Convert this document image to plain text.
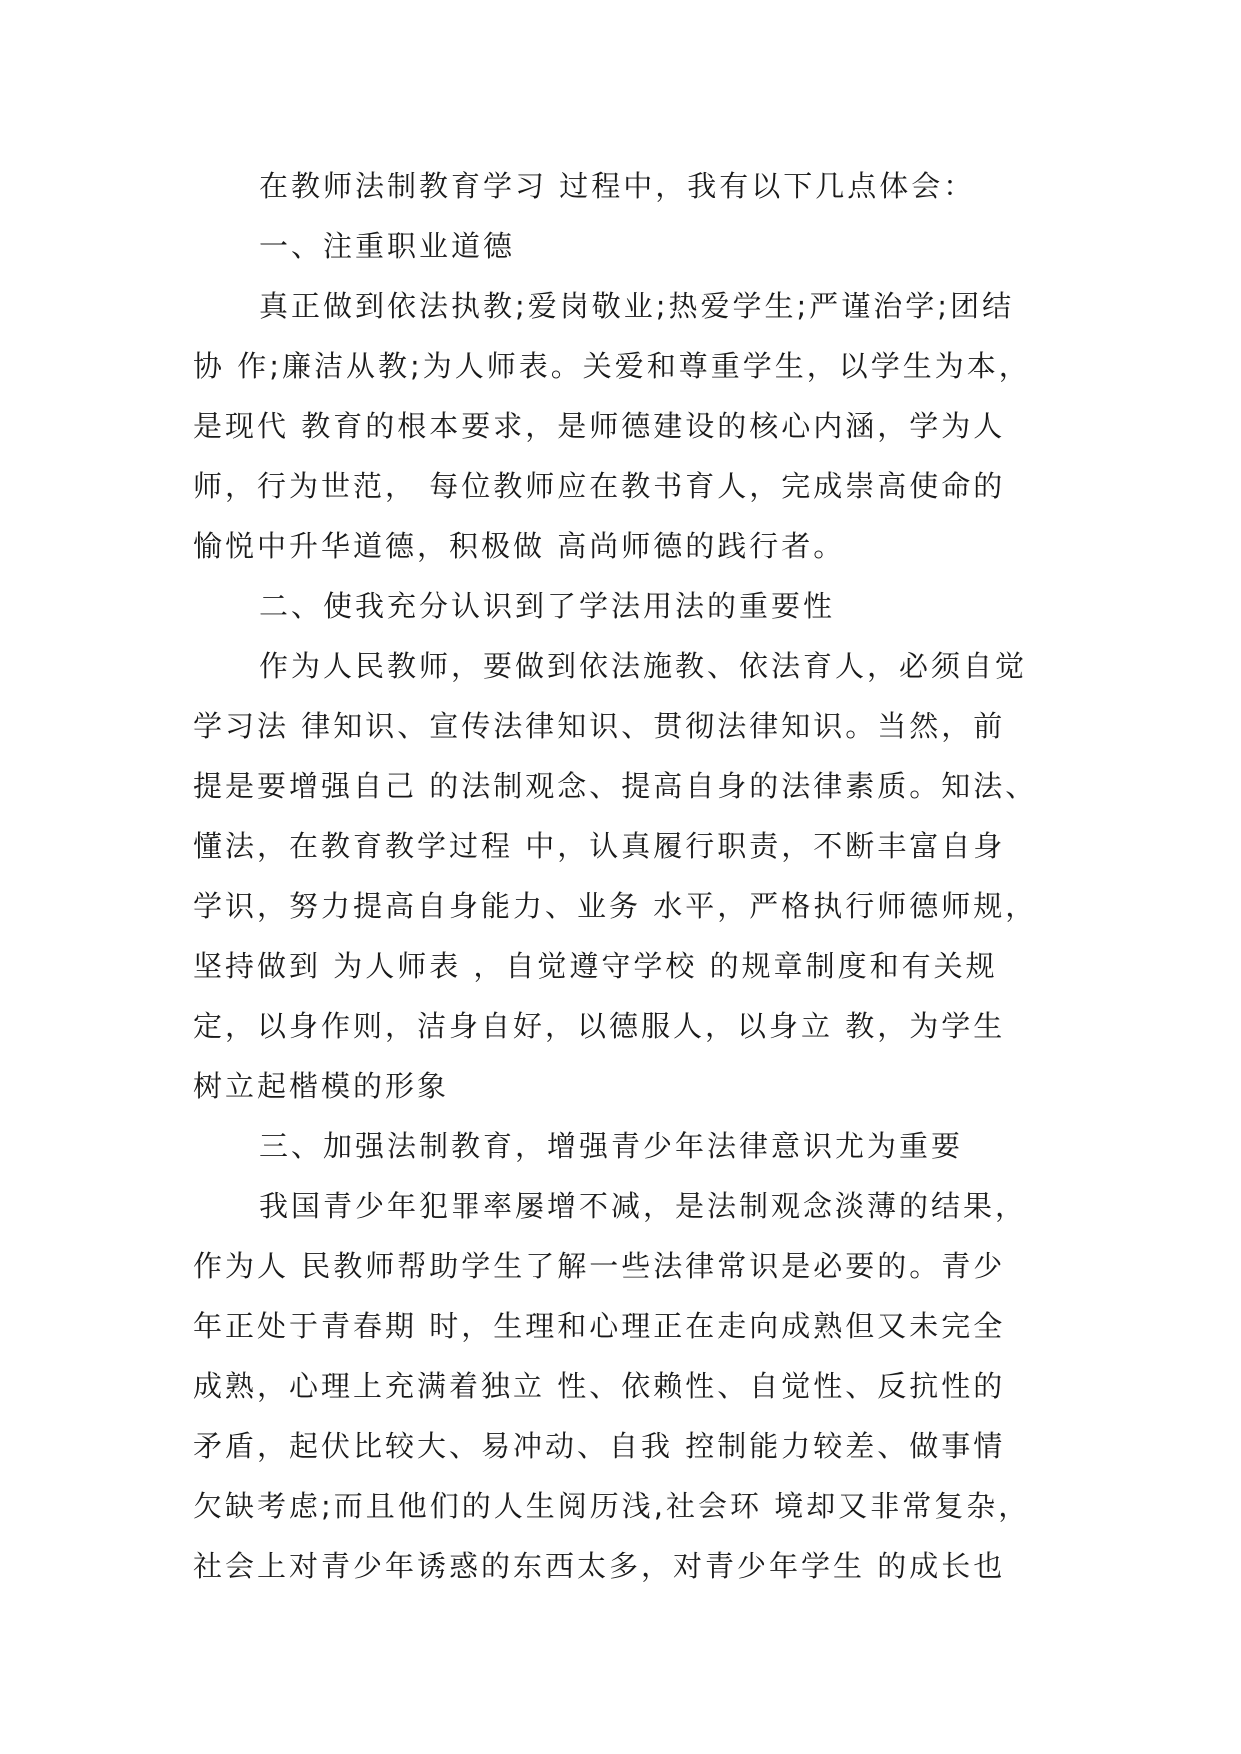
在教师法制教育学习 过程中，我有以下几点体会：
一、注重职业道德
真正做到依法执教;爱岗敬业;热爱学生;严谨治学;团结
协 作;廉洁从教;为人师表。关爱和尊重学生，以学生为本，
是现代 教育的根本要求，是师德建设的核心内涵，学为人
师，行为世范， 每位教师应在教书育人，完成崇高使命的
愉悦中升华道德，积极做 高尚师德的践行者。
二、使我充分认识到了学法用法的重要性
作为人民教师，要做到依法施教、依法育人，必须自觉
学习法 律知识、宣传法律知识、贯彻法律知识。当然，前
提是要增强自己 的法制观念、提高自身的法律素质。知法、
懂法，在教育教学过程 中，认真履行职责，不断丰富自身
学识，努力提高自身能力、业务 水平，严格执行师德师规，
坚持做到 为人师表 ，自觉遵守学校 的规章制度和有关规
定，以身作则，洁身自好，以德服人，以身立 教，为学生
树立起楷模的形象
三、加强法制教育，增强青少年法律意识尤为重要
我国青少年犯罪率屡增不减，是法制观念淡薄的结果，
作为人 民教师帮助学生了解一些法律常识是必要的。青少
年正处于青春期 时，生理和心理正在走向成熟但又未完全
成熟，心理上充满着独立 性、依赖性、自觉性、反抗性的
矛盾，起伏比较大、易冲动、自我 控制能力较差、做事情
欠缺考虑;而且他们的人生阅历浅,社会环 境却又非常复杂，
社会上对青少年诱惑的东西太多，对青少年学生 的成长也
